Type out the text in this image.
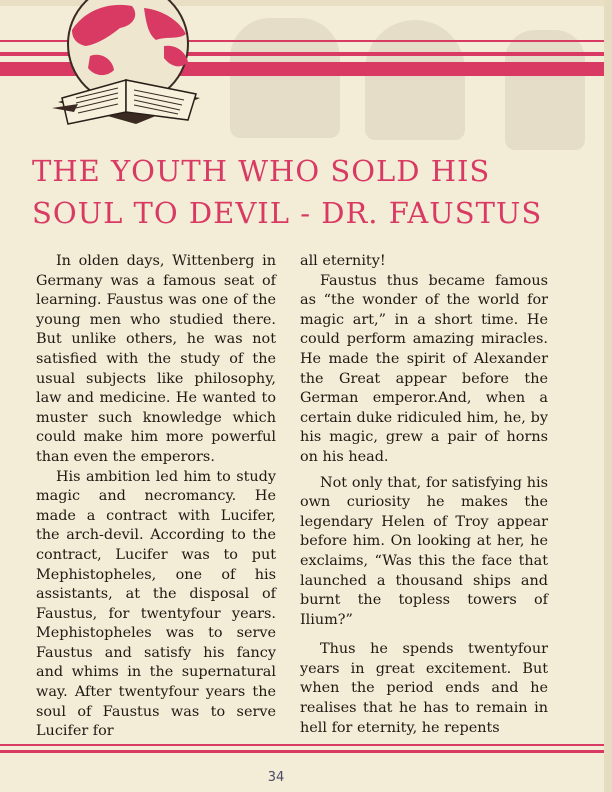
THE YOUTH WHO SOLD HIS
SOUL TO DEVIL - DR. FAUSTUS

In olden days, Wittenberg in Germany was a famous seat of learning. Faustus was one of the young men who studied there. But unlike others, he was not satisfied with the study of the usual subjects like philosophy, law and medicine. He wanted to muster such knowledge which could make him more powerful than even the emperors.

His ambition led him to study magic and necromancy. He made a contract with Lucifer, the arch-devil. According to the contract, Lucifer was to put Mephistopheles, one of his assistants, at the disposal of Faustus, for twentyfour years. Mephistopheles was to serve Faustus and satisfy his fancy and whims in the supernatural way. After twentyfour years the soul of Faustus was to serve Lucifer for

all eternity!

Faustus thus became famous as “the wonder of the world for magic art,” in a short time. He could perform amazing miracles. He made the spirit of Alexander the Great appear before the German emperor.And, when a certain duke ridiculed him, he, by his magic, grew a pair of horns on his head.

Not only that, for satisfying his own curiosity he makes the legendary Helen of Troy appear before him. On looking at her, he exclaims, “Was this the face that launched a thousand ships and burnt the topless towers of Ilium?”

Thus he spends twentyfour years in great excitement. But when the period ends and he realises that he has to remain in hell for eternity, he repents

34
